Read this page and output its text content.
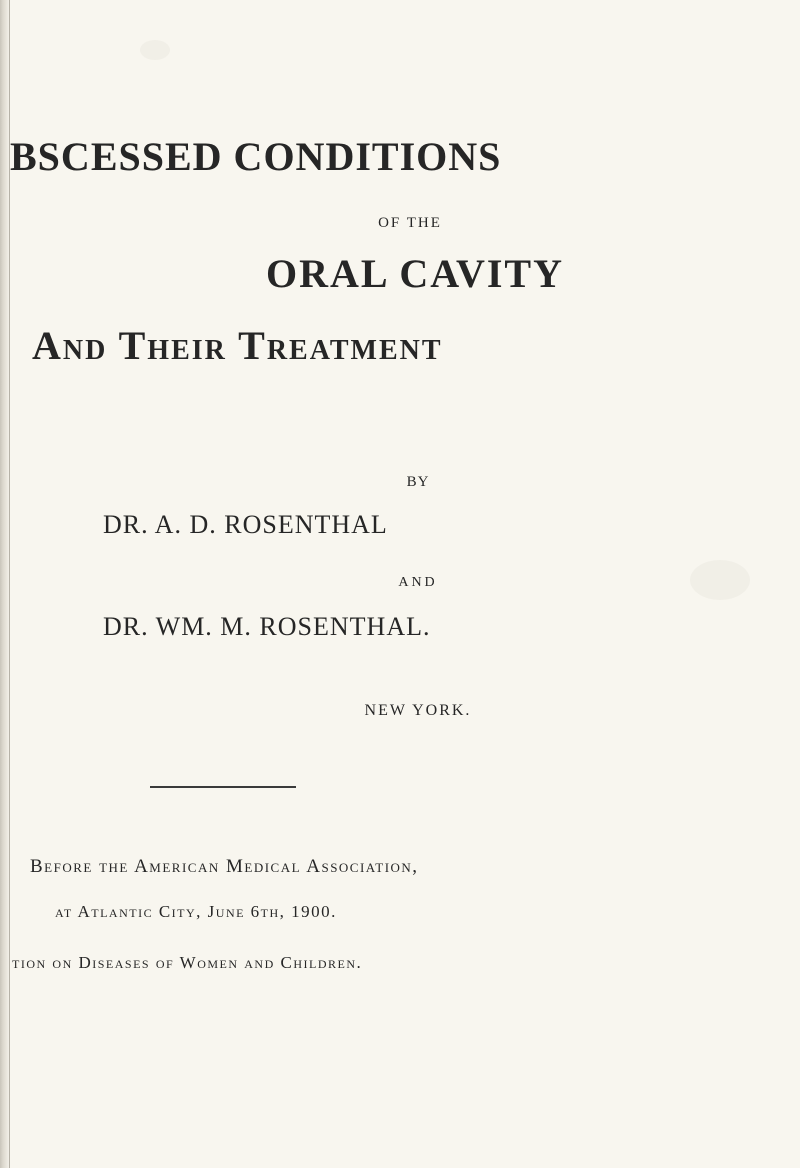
BSCESSED CONDITIONS

OF THE

ORAL CAVITY
And Their Treatment

BY

DR. A. D. ROSENTHAL

AND

DR. WM. M. ROSENTHAL.

NEW YORK.

Before the American Medical Association,

at Atlantic City, June 6th, 1900.

tion on Diseases of Women and Children.
